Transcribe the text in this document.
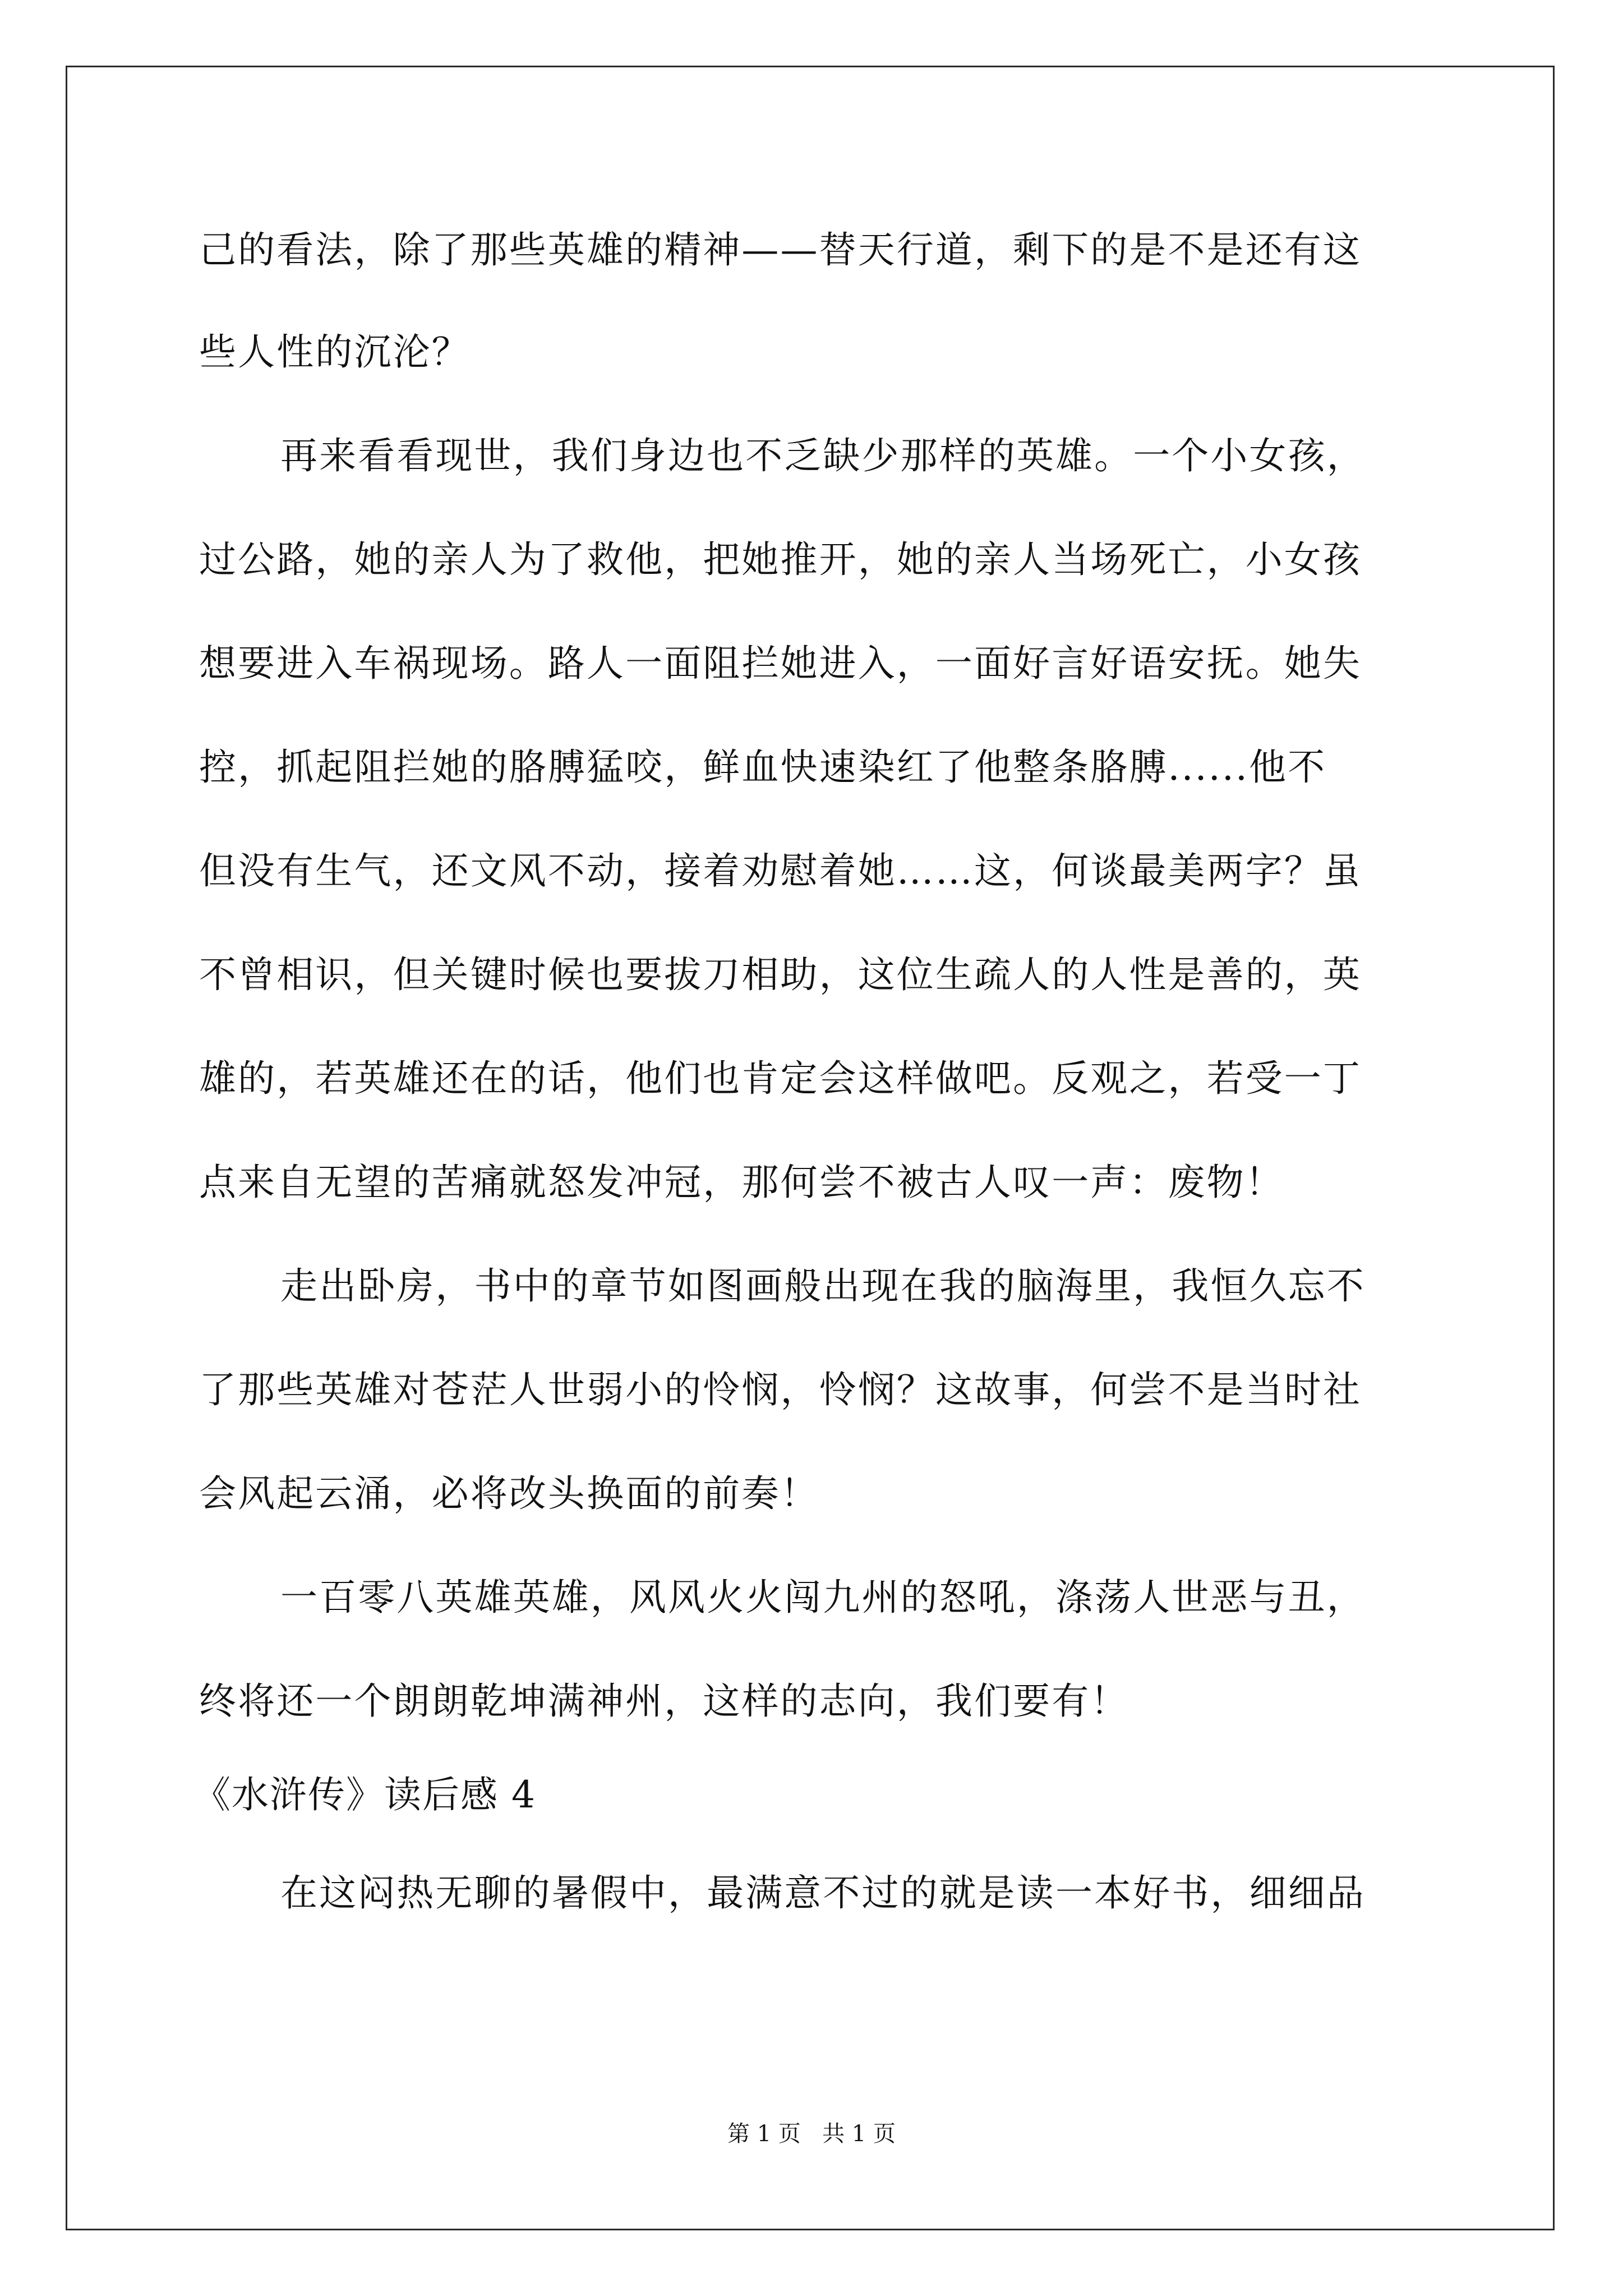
己的看法，除了那些英雄的精神——替天行道，剩下的是不是还有这
些人性的沉沦？
再来看看现世，我们身边也不乏缺少那样的英雄。一个小女孩，
过公路，她的亲人为了救他，把她推开，她的亲人当场死亡，小女孩
想要进入车祸现场。路人一面阻拦她进入，一面好言好语安抚。她失
控，抓起阻拦她的胳膊猛咬，鲜血快速染红了他整条胳膊......他不
但没有生气，还文风不动，接着劝慰着她……这，何谈最美两字？虽
不曾相识，但关键时候也要拔刀相助，这位生疏人的人性是善的，英
雄的，若英雄还在的话，他们也肯定会这样做吧。反观之，若受一丁
点来自无望的苦痛就怒发冲冠，那何尝不被古人叹一声：废物！
走出卧房，书中的章节如图画般出现在我的脑海里，我恒久忘不
了那些英雄对苍茫人世弱小的怜悯，怜悯？这故事，何尝不是当时社
会风起云涌，必将改头换面的前奏！
一百零八英雄英雄，风风火火闯九州的怒吼，涤荡人世恶与丑，
终将还一个朗朗乾坤满神州，这样的志向，我们要有！
《水浒传》读后感 4
在这闷热无聊的暑假中，最满意不过的就是读一本好书，细细品
第 1 页   共 1 页
